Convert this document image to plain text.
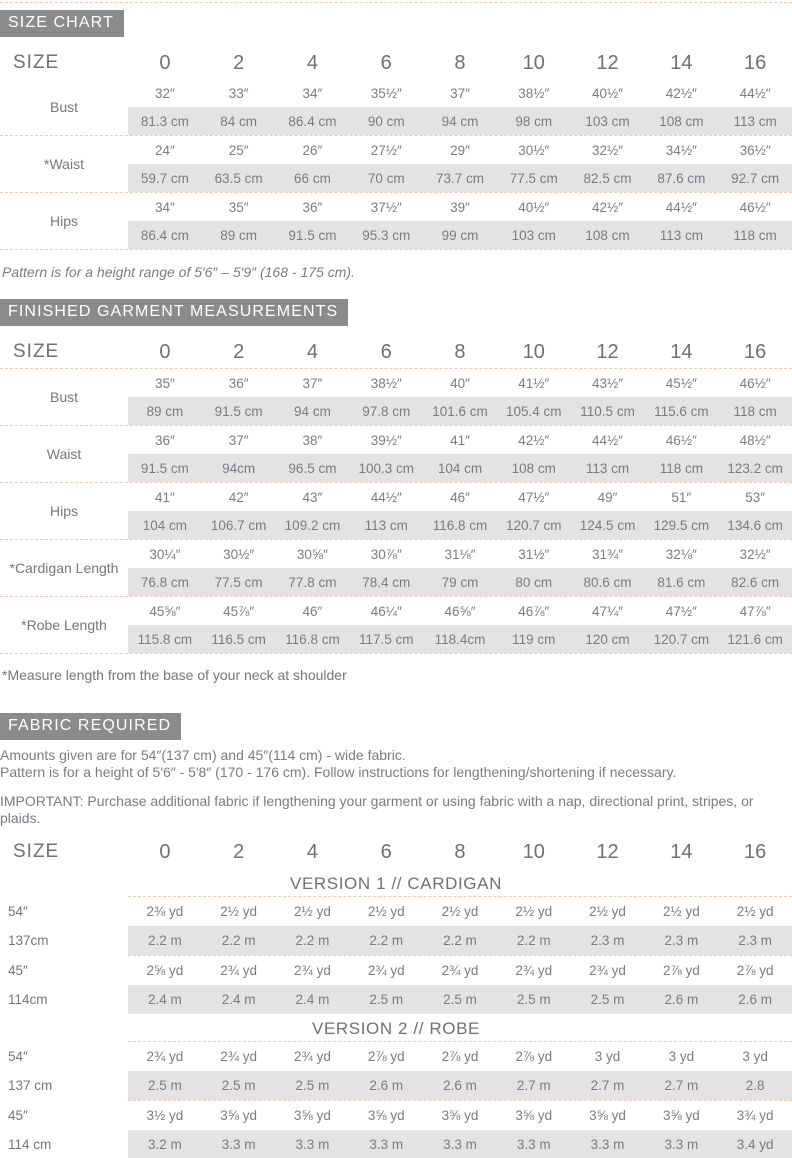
SIZE CHART
SIZE	0	2	4	6	8	10	12	14	16
Bust
32″	33″	34″	35½″	37″	38½″	40½″	42½″	44½″
81.3 cm	84 cm	86.4 cm	90 cm	94 cm	98 cm	103 cm	108 cm	113 cm
*Waist
24″	25″	26″	27½″	29″	30½″	32½″	34½″	36½″
59.7 cm	63.5 cm	66 cm	70 cm	73.7 cm	77.5 cm	82.5 cm	87.6 cm	92.7 cm
Hips
34″	35″	36″	37½″	39″	40½″	42½″	44½″	46½″
86.4 cm	89 cm	91.5 cm	95.3 cm	99 cm	103 cm	108 cm	113 cm	118 cm
Pattern is for a height range of 5′6″ – 5′9″ (168 - 175 cm).
FINISHED GARMENT MEASUREMENTS
SIZE	0	2	4	6	8	10	12	14	16
Bust
35″	36″	37″	38½″	40″	41½″	43½″	45½″	46½″
89 cm	91.5 cm	94 cm	97.8 cm	101.6 cm	105.4 cm	110.5 cm	115.6 cm	118 cm
Waist
36″	37″	38″	39½″	41″	42½″	44½″	46½″	48½″
91.5 cm	94cm	96.5 cm	100.3 cm	104 cm	108 cm	113 cm	118 cm	123.2 cm
Hips
41″	42″	43″	44½″	46″	47½″	49″	51″	53″
104 cm	106.7 cm	109.2 cm	113 cm	116.8 cm	120.7 cm	124.5 cm	129.5 cm	134.6 cm
*Cardigan Length
30¼″	30½″	30⅝″	30⅞″	31⅛″	31½″	31¾″	32⅛″	32½″
76.8 cm	77.5 cm	77.8 cm	78.4 cm	79 cm	80 cm	80.6 cm	81.6 cm	82.6 cm
*Robe Length
45⅝″	45⅞″	46″	46¼″	46⅝″	46⅞″	47¼″	47½″	47⅞″
115.8 cm	116.5 cm	116.8 cm	117.5 cm	118.4cm	119 cm	120 cm	120.7 cm	121.6 cm
*Measure length from the base of your neck at shoulder
FABRIC REQUIRED
Amounts given are for 54″(137 cm) and 45″(114 cm) - wide fabric.
Pattern is for a height of 5′6″ - 5′8″ (170 - 176 cm). Follow instructions for lengthening/shortening if necessary.
IMPORTANT: Purchase additional fabric if lengthening your garment or using fabric with a nap, directional print, stripes, or plaids.
SIZE	0	2	4	6	8	10	12	14	16
VERSION 1 // CARDIGAN
54″	2⅜ yd	2½ yd	2½ yd	2½ yd	2½ yd	2½ yd	2½ yd	2½ yd	2½ yd
137cm	2.2 m	2.2 m	2.2 m	2.2 m	2.2 m	2.2 m	2.3 m	2.3 m	2.3 m
45″	2⅝ yd	2¾ yd	2¾ yd	2¾ yd	2¾ yd	2¾ yd	2¾ yd	2⅞ yd	2⅞ yd
114cm	2.4 m	2.4 m	2.4 m	2.5 m	2.5 m	2.5 m	2.5 m	2.6 m	2.6 m
VERSION 2 // ROBE
54″	2¾ yd	2¾ yd	2¾ yd	2⅞ yd	2⅞ yd	2⅞ yd	3 yd	3 yd	3 yd
137 cm	2.5 m	2.5 m	2.5 m	2.6 m	2.6 m	2.7 m	2.7 m	2.7 m	2.8
45″	3½ yd	3⅝ yd	3⅝ yd	3⅝ yd	3⅝ yd	3⅝ yd	3⅝ yd	3⅝ yd	3¾ yd
114 cm	3.2 m	3.3 m	3.3 m	3.3 m	3.3 m	3.3 m	3.3 m	3.3 m	3.4 yd
